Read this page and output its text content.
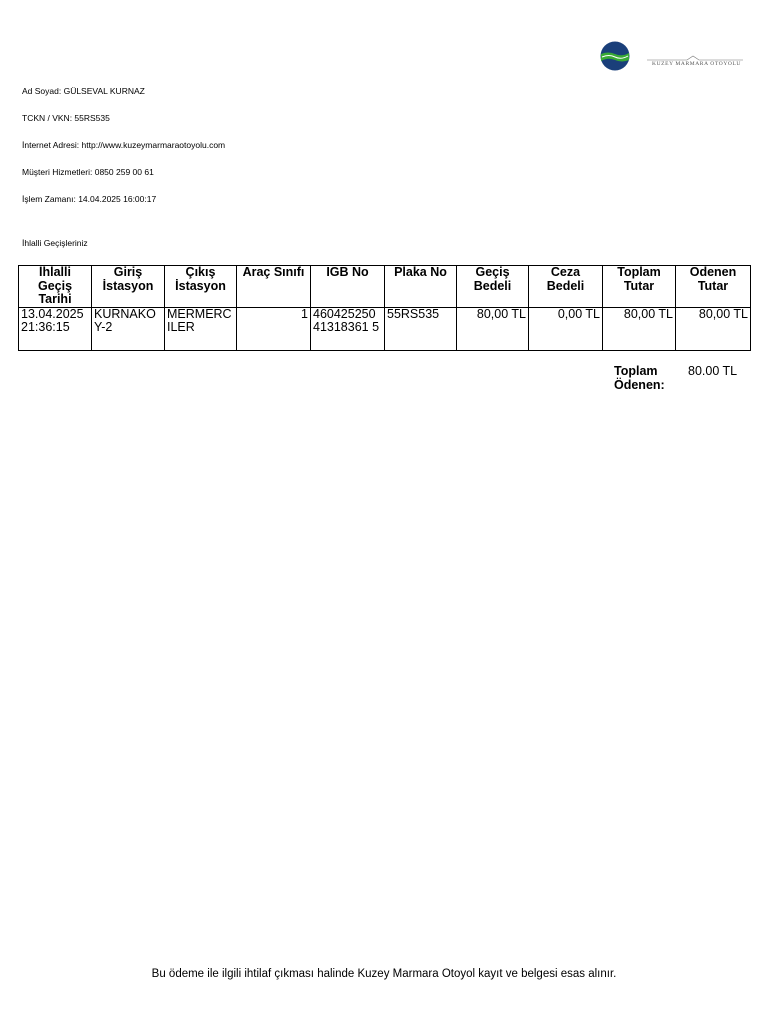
KUZEY MARMARA OTOYOLU
Ad Soyad: GÜLSEVAL KURNAZ
TCKN / VKN: 55RS535
İnternet Adresi: http://www.kuzeymarmaraotoyolu.com
Müşteri Hizmetleri: 0850 259 00 61
İşlem Zamanı: 14.04.2025 16:00:17
İhlalli Geçişleriniz
İhlalli Geçiş Tarihi	Giriş İstasyon	Çıkış İstasyon	Araç Sınıfı	IGB No	Plaka No	Geçiş Bedeli	Ceza Bedeli	Toplam Tutar	Odenen Tutar
13.04.2025 21:36:15	KURNAKOY-2	MERMERCILER	1	46042525041318361 5	55RS535	80,00 TL	0,00 TL	80,00 TL	80,00 TL
Toplam Ödenen:
80.00 TL
Bu ödeme ile ilgili ihtilaf çıkması halinde Kuzey Marmara Otoyol kayıt ve belgesi esas alınır.
